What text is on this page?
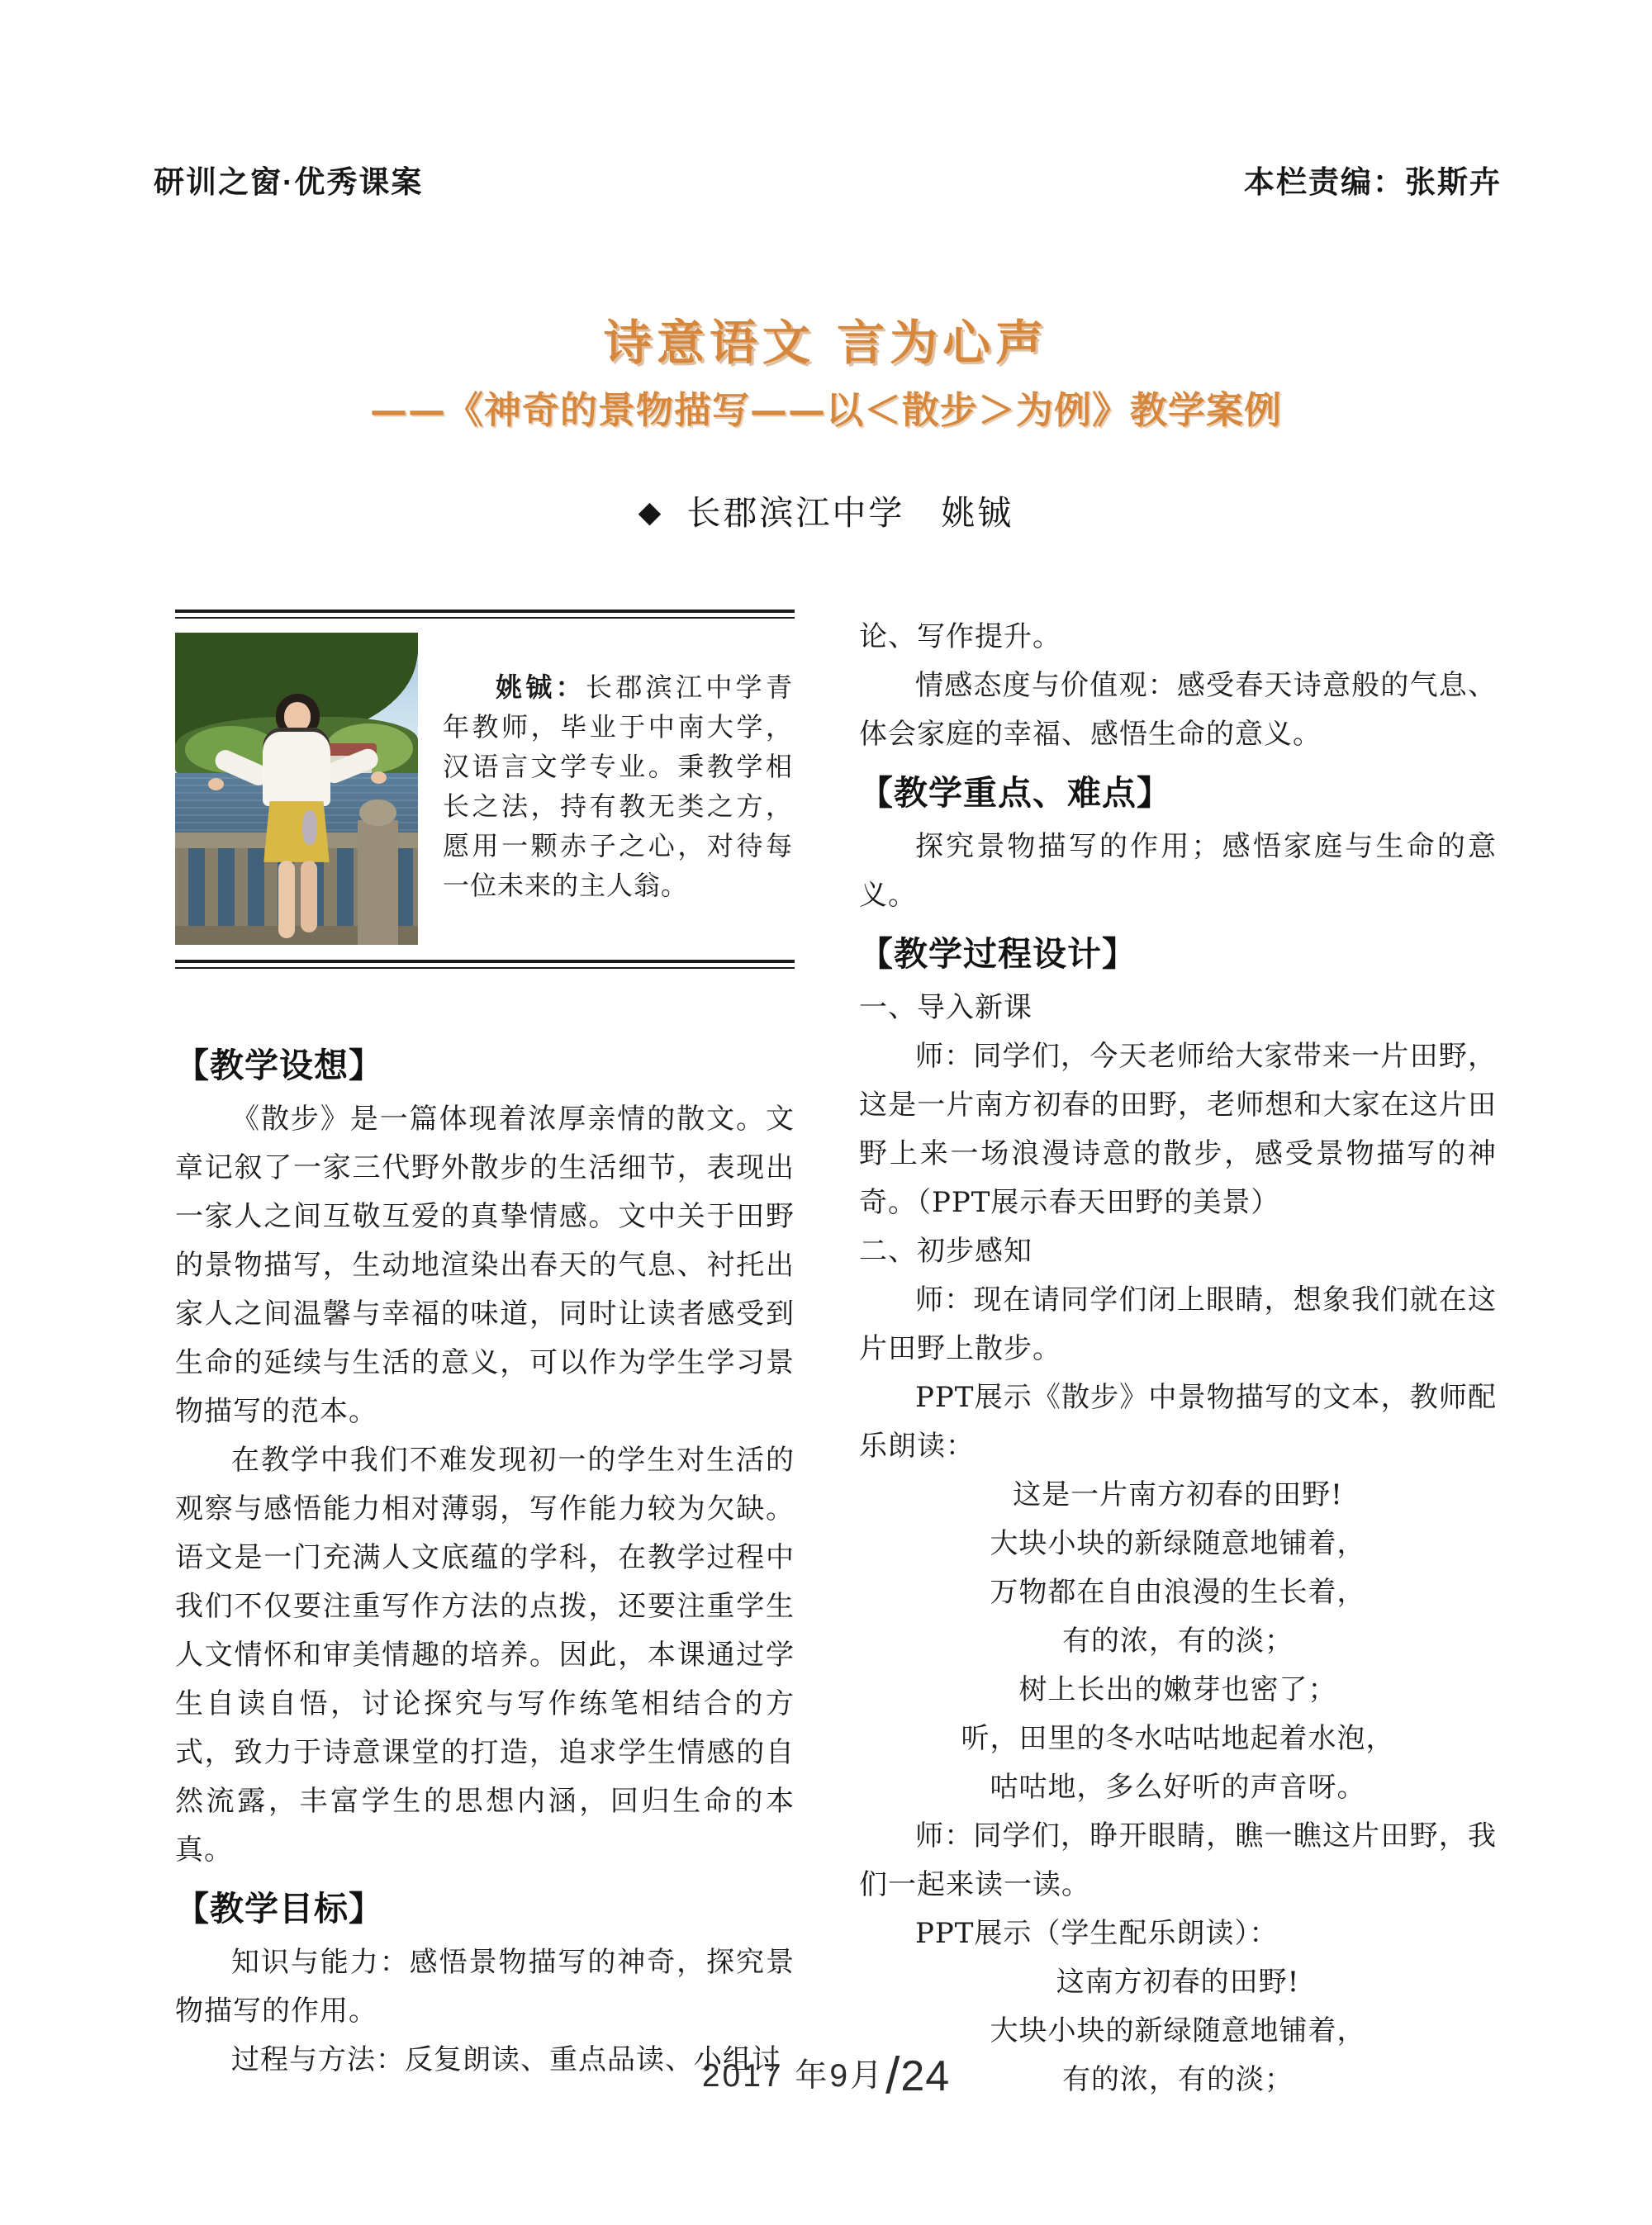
研训之窗·优秀课案	本栏责编：张斯卉
诗意语文 言为心声
——《神奇的景物描写——以＜散步＞为例》教学案例
◆ 长郡滨江中学　姚铖

姚铖：长郡滨江中学青年教师，毕业于中南大学，汉语言文学专业。秉教学相长之法，持有教无类之方，愿用一颗赤子之心，对待每一位未来的主人翁。

【教学设想】

《散步》是一篇体现着浓厚亲情的散文。文章记叙了一家三代野外散步的生活细节，表现出一家人之间互敬互爱的真挚情感。文中关于田野的景物描写，生动地渲染出春天的气息、衬托出家人之间温馨与幸福的味道，同时让读者感受到生命的延续与生活的意义，可以作为学生学习景物描写的范本。

在教学中我们不难发现初一的学生对生活的观察与感悟能力相对薄弱，写作能力较为欠缺。语文是一门充满人文底蕴的学科，在教学过程中我们不仅要注重写作方法的点拨，还要注重学生人文情怀和审美情趣的培养。因此，本课通过学生自读自悟，讨论探究与写作练笔相结合的方式，致力于诗意课堂的打造，追求学生情感的自然流露，丰富学生的思想内涵，回归生命的本真。

【教学目标】

知识与能力：感悟景物描写的神奇，探究景物描写的作用。

过程与方法：反复朗读、重点品读、小组讨

论、写作提升。

情感态度与价值观：感受春天诗意般的气息、体会家庭的幸福、感悟生命的意义。

【教学重点、难点】

探究景物描写的作用；感悟家庭与生命的意义。

【教学过程设计】

一、导入新课

师：同学们，今天老师给大家带来一片田野，这是一片南方初春的田野，老师想和大家在这片田野上来一场浪漫诗意的散步，感受景物描写的神奇。（PPT展示春天田野的美景）

二、初步感知

师：现在请同学们闭上眼睛，想象我们就在这片田野上散步。

PPT展示《散步》中景物描写的文本，教师配乐朗读：

这是一片南方初春的田野!

大块小块的新绿随意地铺着，

万物都在自由浪漫的生长着，

有的浓，有的淡；

树上长出的嫩芽也密了；

听，田里的冬水咕咕地起着水泡，

咕咕地，多么好听的声音呀。

师：同学们，睁开眼睛，瞧一瞧这片田野，我们一起来读一读。

PPT展示（学生配乐朗读）：

这南方初春的田野!

大块小块的新绿随意地铺着，

有的浓，有的淡；

2017 年9月/24
